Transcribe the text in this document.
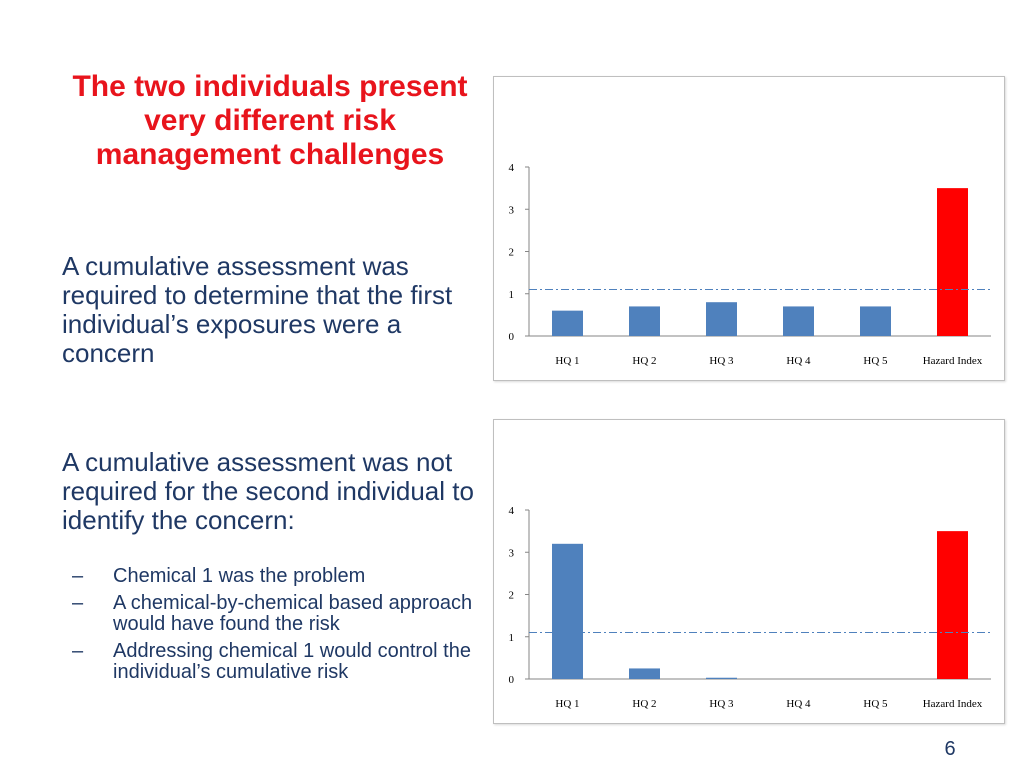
The two individuals present very different risk management challenges
A cumulative assessment was required to determine that the first individual’s exposures were a concern
A cumulative assessment was not required for the second individual to identify the concern:
– Chemical 1 was the problem
– A chemical-by-chemical based approach would have found the risk
– Addressing chemical 1 would control the individual’s cumulative risk
0
1
2
3
4
HQ 1	HQ 2	HQ 3	HQ 4	HQ 5	Hazard Index
0
1
2
3
4
HQ 1	HQ 2	HQ 3	HQ 4	HQ 5	Hazard Index
6
